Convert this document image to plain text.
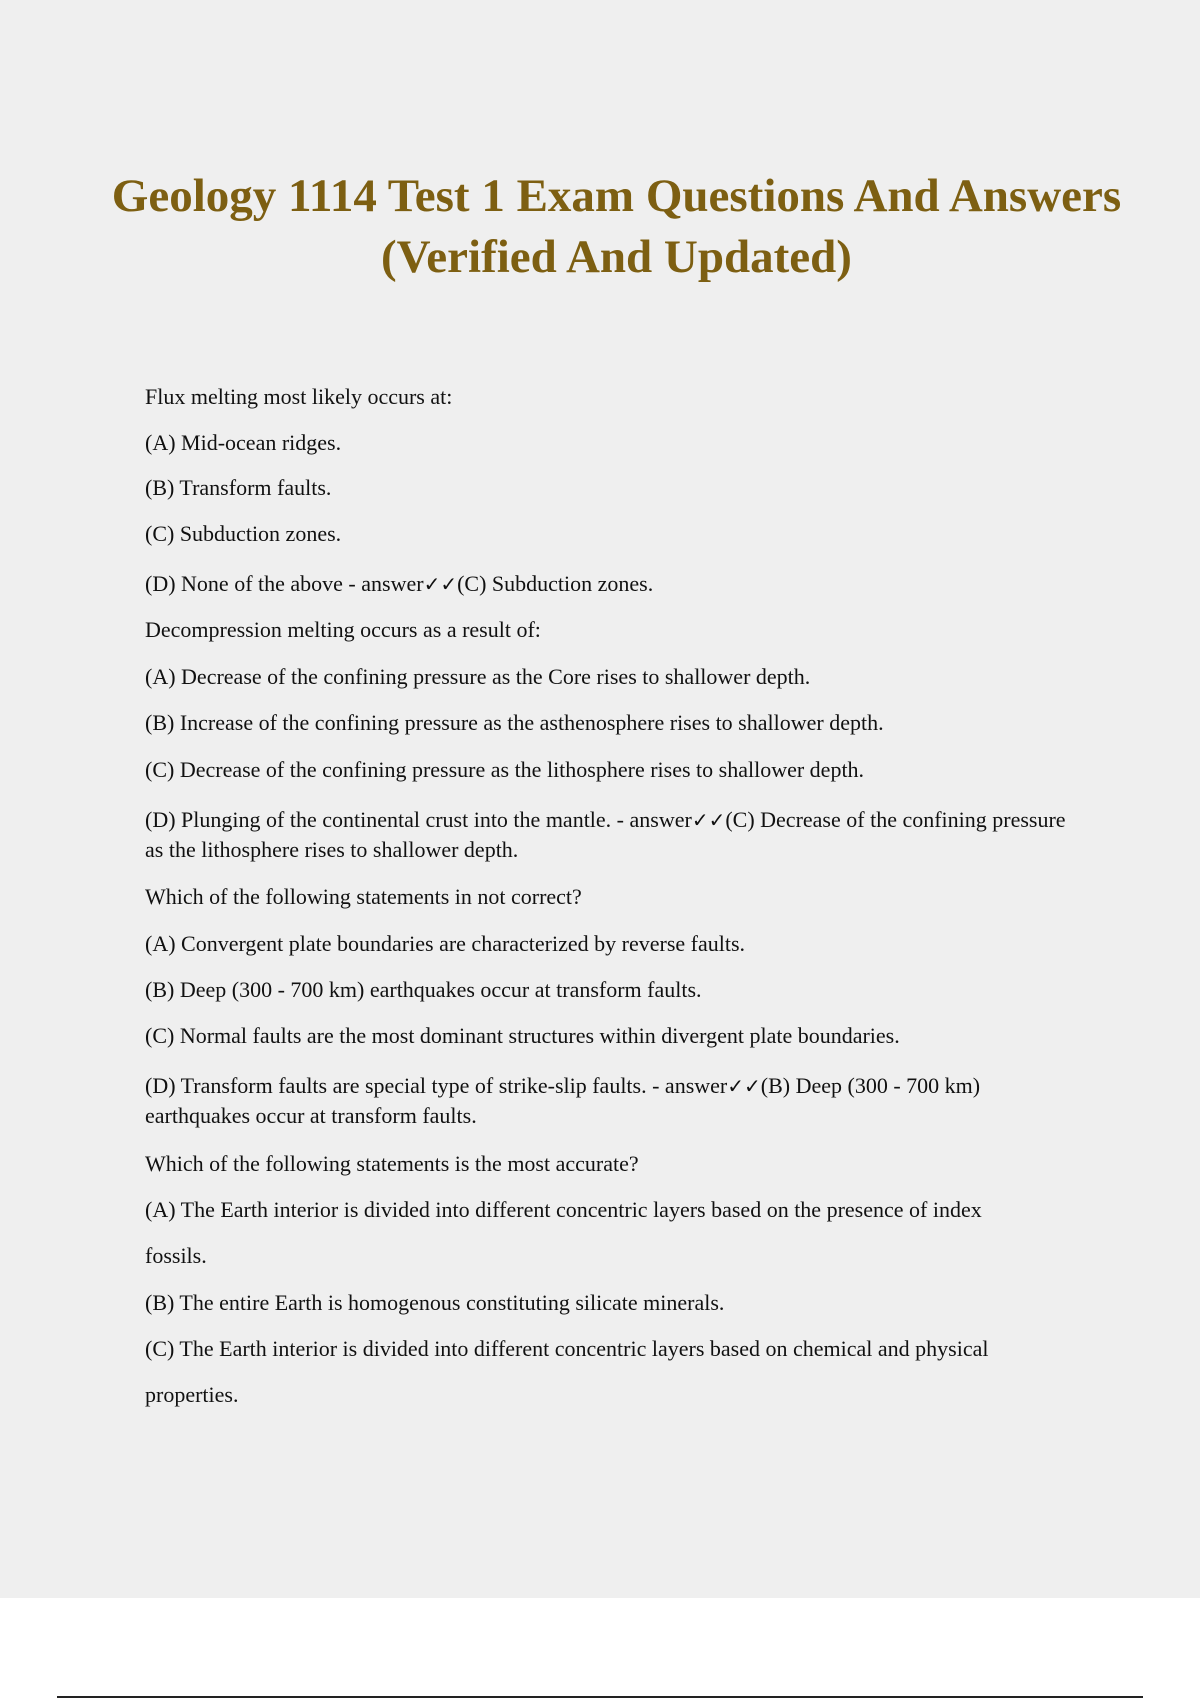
Geology 1114 Test 1 Exam Questions And Answers (Verified And Updated)

Flux melting most likely occurs at:

(A) Mid-ocean ridges.

(B) Transform faults.

(C) Subduction zones.

(D) None of the above - answer✓✓(C) Subduction zones.

Decompression melting occurs as a result of:

(A) Decrease of the confining pressure as the Core rises to shallower depth.

(B) Increase of the confining pressure as the asthenosphere rises to shallower depth.

(C) Decrease of the confining pressure as the lithosphere rises to shallower depth.

(D) Plunging of the continental crust into the mantle. - answer✓✓(C) Decrease of the confining pressure as the lithosphere rises to shallower depth.

Which of the following statements in not correct?

(A) Convergent plate boundaries are characterized by reverse faults.

(B) Deep (300 - 700 km) earthquakes occur at transform faults.

(C) Normal faults are the most dominant structures within divergent plate boundaries.

(D) Transform faults are special type of strike-slip faults. - answer✓✓(B) Deep (300 - 700 km) earthquakes occur at transform faults.

Which of the following statements is the most accurate?

(A) The Earth interior is divided into different concentric layers based on the presence of index

fossils.

(B) The entire Earth is homogenous constituting silicate minerals.

(C) The Earth interior is divided into different concentric layers based on chemical and physical

properties.
